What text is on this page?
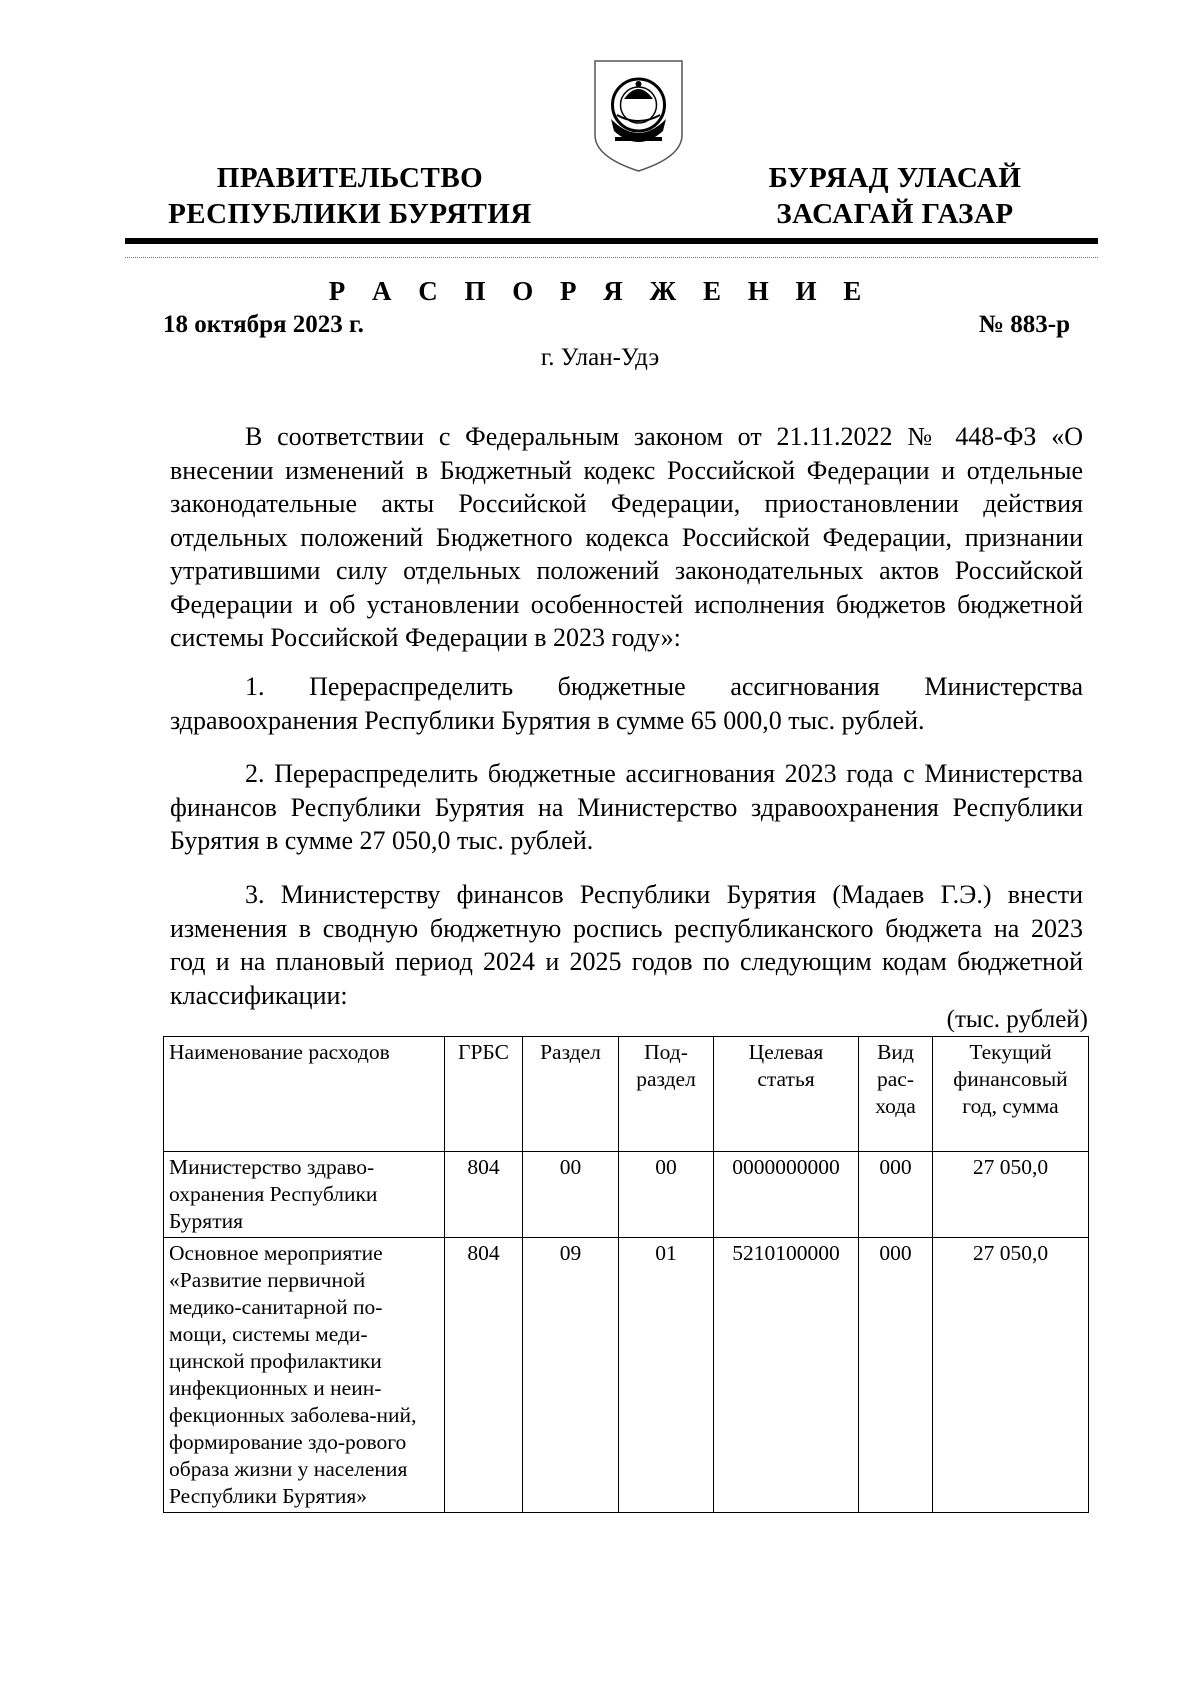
ПРАВИТЕЛЬСТВО
РЕСПУБЛИКИ БУРЯТИЯ
БУРЯАД УЛАСАЙ
ЗАСАГАЙ ГАЗАР
Р А С П О Р Я Ж Е Н И Е
18 октября 2023 г.	№ 883-р
г. Улан-Удэ

В соответствии с Федеральным законом от 21.11.2022 № 448-ФЗ «О внесении изменений в Бюджетный кодекс Российской Федерации и отдельные законодательные акты Российской Федерации, приостановлении действия отдельных положений Бюджетного кодекса Российской Федерации, признании утратившими силу отдельных положений законодательных актов Российской Федерации и об установлении особенностей исполнения бюджетов бюджетной системы Российской Федерации в 2023 году»:

1. Перераспределить бюджетные ассигнования Министерства здравоохранения Республики Бурятия в сумме 65 000,0 тыс. рублей.

2. Перераспределить бюджетные ассигнования 2023 года с Министерства финансов Республики Бурятия на Министерство здравоохранения Республики Бурятия в сумме 27 050,0 тыс. рублей.

3. Министерству финансов Республики Бурятия (Мадаев Г.Э.) внести изменения в сводную бюджетную роспись республиканского бюджета на 2023 год и на плановый период 2024 и 2025 годов по следующим кодам бюджетной классификации:

(тыс. рублей)
Наименование расходов	ГРБС	Раздел	Под-раздел	Целевая статья	Вид рас-хода	Текущий финансовый год, сумма
Министерство здраво-охранения Республики Бурятия	804	00	00	0000000000	000	27 050,0
Основное мероприятие «Развитие первичной медико-санитарной по-мощи, системы меди-цинской профилактики инфекционных и неин-фекционных заболева-ний, формирование здо-рового образа жизни у населения Республики Бурятия»	804	09	01	5210100000	000	27 050,0
